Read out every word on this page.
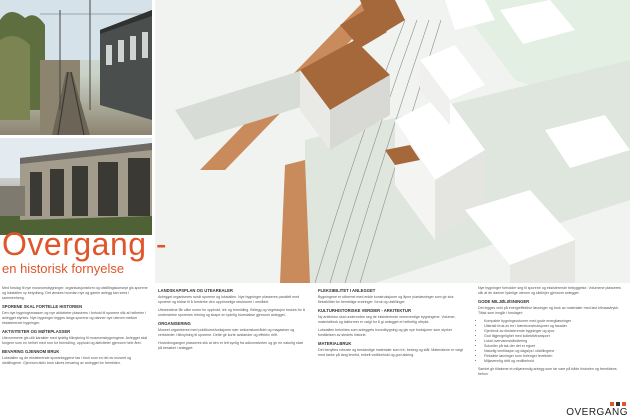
Overgang -
en historisk fornyelse

Med forslag til nye museumsbygninger, organisasjonsform og utstillingskonsept gis sporene og lokstallen ny betydning. Det ønskes hvordan nye og gamle anlegg kan sees i sammenheng.

SPORENE SKAL FORTELLE HISTORIEN

Den nye bygningsmassen og nye aktiviteter plasseres i forhold til sporene slik at helheten i anlegget styrkes. Nye bygninger legges langs sporene og danner nye uterom mellom eksisterende bygninger.

AKTIVITETER OG MØTEPLASSER

Uterommene gis ulik karakter med tydelig tilknytning til museumsbygningene. Anlegget skal fungere som en helhet med rom for formidling, opphold og aktiviteter gjennom hele året.

BEVARING GJENNOM BRUK

Lokstallen og de eksisterende sporanleggene tas i bruk som en del av museet og utstillingene. Gjennom aktiv bruk sikres bevaring av anlegget for fremtiden.

LANDSKAPSPLAN OG UTEAREALER

Anlegget organiseres rundt sporene og lokstallen. Nye bygninger plasseres parallelt med sporene og bidrar til å forsterke den opprinnelige strukturen i området.

Utearealene får ulike soner for opphold, lek og formidling. Belegg og vegetasjon brukes for å understreke sporenes retning og skape en tydelig hovedakse gjennom anlegget.

ORGANISERING

Museet organiseres med publikumsfunksjoner nær ankomstområdet og magasiner og verksteder i tilknytning til sporene. Dette gir korte avstander og effektiv drift.

Hovedinngangen plasseres slik at den er lett synlig fra adkomstveien og gir en naturlig start på besøket i anlegget.

FLEKSIBILITET I ANLEGGET

Bygningene er utformet med enkle konstruksjoner og åpne planløsninger som gir stor fleksibilitet for fremtidige endringer i bruk og utstillinger.

KULTURHISTORISKE VERDIER - ARKITEKTUR

Ny arkitektur skal underordne seg de eksisterende verneverdige bygningene. Volumer, materialbruk og takformer er valgt for å gi anlegget et helhetlig uttrykk.

Lokstallen beholdes som anleggets hovedbygning og gis nye funksjoner som styrker forståelsen av stedets historie.

MATERIALBRUK

Det benyttes robuste og bestandige materialer som tre, betong og stål. Materialene er valgt med tanke på lang levetid, enkelt vedlikehold og god aldring.

Nye bygninger forholder seg til sporene og eksisterende bebyggelse. Volumene plasseres slik at de danner tydelige uterom og siktlinjer gjennom anlegget.

GODE MILJØLØSNINGER

Det legges vekt på energieffektive løsninger og bruk av materialer med lavt klimaavtrykk. Tiltak som inngår i forslaget:

• Kompakte bygningsvolumer med gode energiløsninger
• Utstrakt bruk av tre i bærekonstruksjoner og fasader
• Gjenbruk av eksisterende bygninger og spor
• God tilgjengelighet med kollektivtransport
• Lokal overvannshåndtering
• Solceller på tak der det er egnet
• Naturlig ventilasjon og dagslys i utstillingene
• Fleksible løsninger som forlenger levetiden
• Miljøvennlig drift og vedlikehold

Samlet gir tiltakene et miljøvennlig anlegg som tar vare på både historien og fremtidens behov.

OVERGANG
